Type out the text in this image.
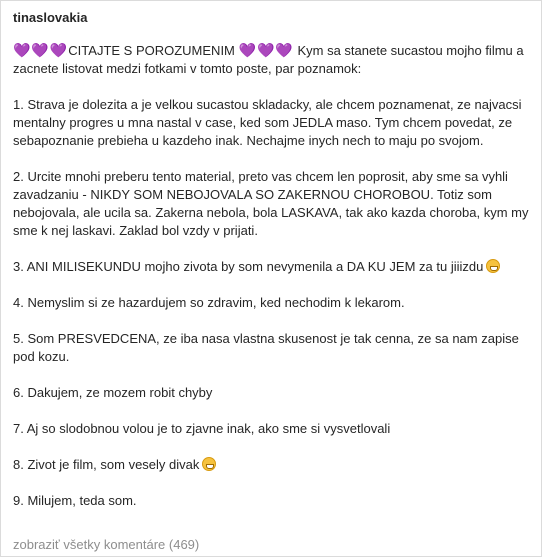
tinaslovakia

💜💜💜CITAJTE S POROZUMENIM 💜💜💜 Kym sa stanete sucastou mojho filmu a zacnete listovat medzi fotkami v tomto poste, par poznamok:

1. Strava je dolezita a je velkou sucastou skladacky, ale chcem poznamenat, ze najvacsi mentalny progres u mna nastal v case, ked som JEDLA maso. Tym chcem povedat, ze sebapoznanie prebieha u kazdeho inak. Nechajme inych nech to maju po svojom.

2. Urcite mnohi preberu tento material, preto vas chcem len poprosit, aby sme sa vyhli zavadzaniu - NIKDY SOM NEBOJOVALA SO ZAKERNOU CHOROBOU. Totiz som nebojovala, ale ucila sa. Zakerna nebola, bola LASKAVA, tak ako kazda choroba, kym my sme k nej laskavi. Zaklad bol vzdy v prijati.

3. ANI MILISEKUNDU mojho zivota by som nevymenila a DA KU JEM za tu jiiizdu

4. Nemyslim si ze hazardujem so zdravim, ked nechodim k lekarom.

5. Som PRESVEDCENA, ze iba nasa vlastna skusenost je tak cenna, ze sa nam zapise pod kozu.

6. Dakujem, ze mozem robit chyby

7. Aj so slodobnou volou je to zjavne inak, ako sme si vysvetlovali

8. Zivot je film, som vesely divak

9. Milujem, teda som.

zobraziť všetky komentáre (469)
